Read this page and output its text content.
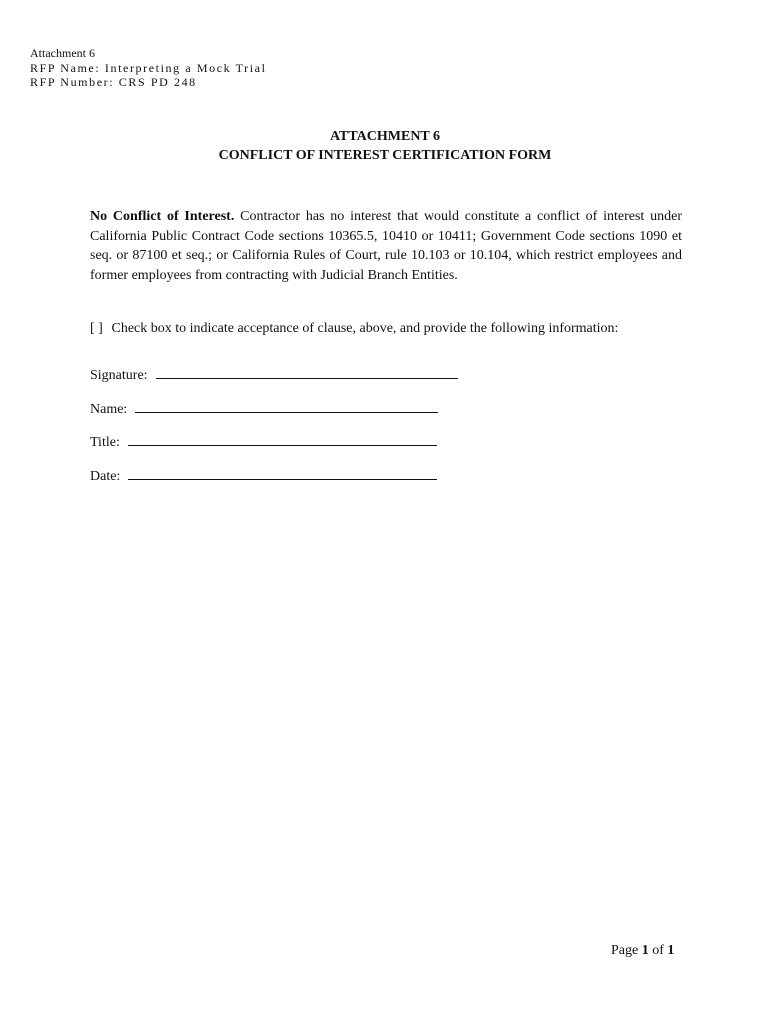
Attachment 6
RFP Name: Interpreting a Mock Trial
RFP Number: CRS PD 248
ATTACHMENT 6
CONFLICT OF INTEREST CERTIFICATION FORM
No Conflict of Interest. Contractor has no interest that would constitute a conflict of interest under California Public Contract Code sections 10365.5, 10410 or 10411; Government Code sections 1090 et seq. or 87100 et seq.; or California Rules of Court, rule 10.103 or 10.104, which restrict employees and former employees from contracting with Judicial Branch Entities.
[ ] Check box to indicate acceptance of clause, above, and provide the following information:
Signature:
Name:
Title:
Date:
Page 1 of 1
